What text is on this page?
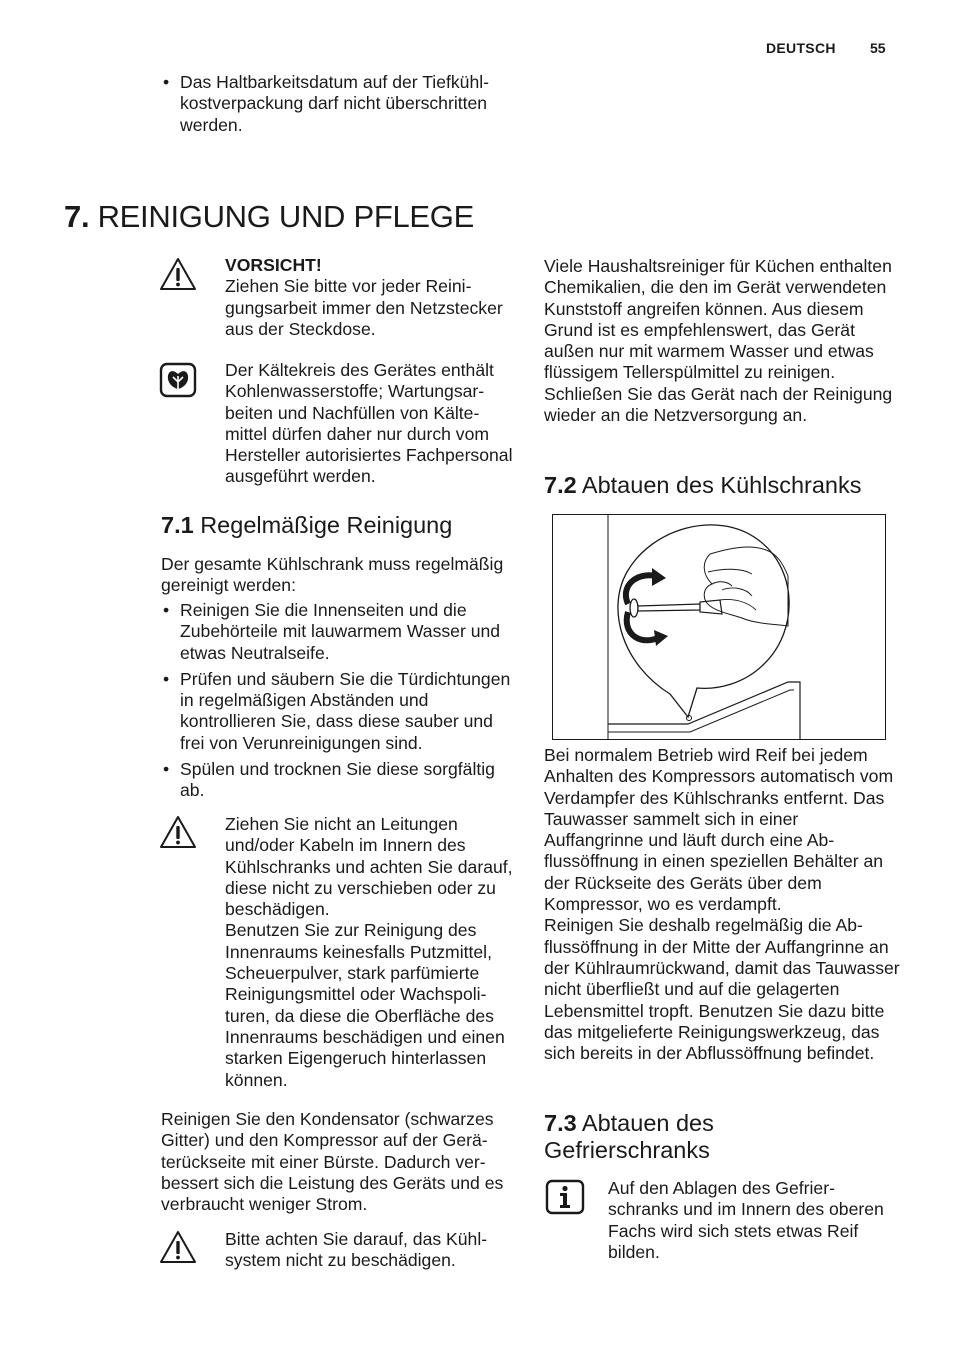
DEUTSCH 55
• Das Haltbarkeitsdatum auf der Tiefkühlkostverpackung darf nicht überschritten werden.
7. REINIGUNG UND PFLEGE

VORSICHT!

Ziehen Sie bitte vor jeder Reinigungsarbeit immer den Netzstecker aus der Steckdose.

Der Kältekreis des Gerätes enthält Kohlenwasserstoffe; Wartungsarbeiten und Nachfüllen von Kältemittel dürfen daher nur durch vom Hersteller autorisiertes Fachpersonal ausgeführt werden.
7.1 Regelmäßige Reinigung
Der gesamte Kühlschrank muss regelmäßig gereinigt werden:
• Reinigen Sie die Innenseiten und die Zubehörteile mit lauwarmem Wasser und etwas Neutralseife.
• Prüfen und säubern Sie die Türdichtungen in regelmäßigen Abständen und kontrollieren Sie, dass diese sauber und frei von Verunreinigungen sind.
• Spülen und trocknen Sie diese sorgfältig ab.

Ziehen Sie nicht an Leitungen und/oder Kabeln im Innern des Kühlschranks und achten Sie darauf, diese nicht zu verschieben oder zu beschädigen.

Benutzen Sie zur Reinigung des Innenraums keinesfalls Putzmittel, Scheuerpulver, stark parfümierte Reinigungsmittel oder Wachspolituren, da diese die Oberfläche des Innenraums beschädigen und einen starken Eigengeruch hinterlassen können.

Reinigen Sie den Kondensator (schwarzes Gitter) und den Kompressor auf der Geräterückseite mit einer Bürste. Dadurch verbessert sich die Leistung des Geräts und es verbraucht weniger Strom.
Bitte achten Sie darauf, das Kühlsystem nicht zu beschädigen.

Viele Haushaltsreiniger für Küchen enthalten Chemikalien, die den im Gerät verwendeten Kunststoff angreifen können. Aus diesem Grund ist es empfehlenswert, das Gerät außen nur mit warmem Wasser und etwas flüssigem Tellerspülmittel zu reinigen.

Schließen Sie das Gerät nach der Reinigung wieder an die Netzversorgung an.

7.2 Abtauen des Kühlschranks

Bei normalem Betrieb wird Reif bei jedem Anhalten des Kompressors automatisch vom Verdampfer des Kühlschranks entfernt. Das Tauwasser sammelt sich in einer Auffangrinne und läuft durch eine Abflussöffnung in einen speziellen Behälter an der Rückseite des Geräts über dem Kompressor, wo es verdampft.

Reinigen Sie deshalb regelmäßig die Abflussöffnung in der Mitte der Auffangrinne an der Kühlraumrückwand, damit das Tauwasser nicht überfließt und auf die gelagerten Lebensmittel tropft. Benutzen Sie dazu bitte das mitgelieferte Reinigungswerkzeug, das sich bereits in der Abflussöffnung befindet.

7.3 Abtauen des
Gefrierschranks
Auf den Ablagen des Gefrierschranks und im Innern des oberen Fachs wird sich stets etwas Reif bilden.
